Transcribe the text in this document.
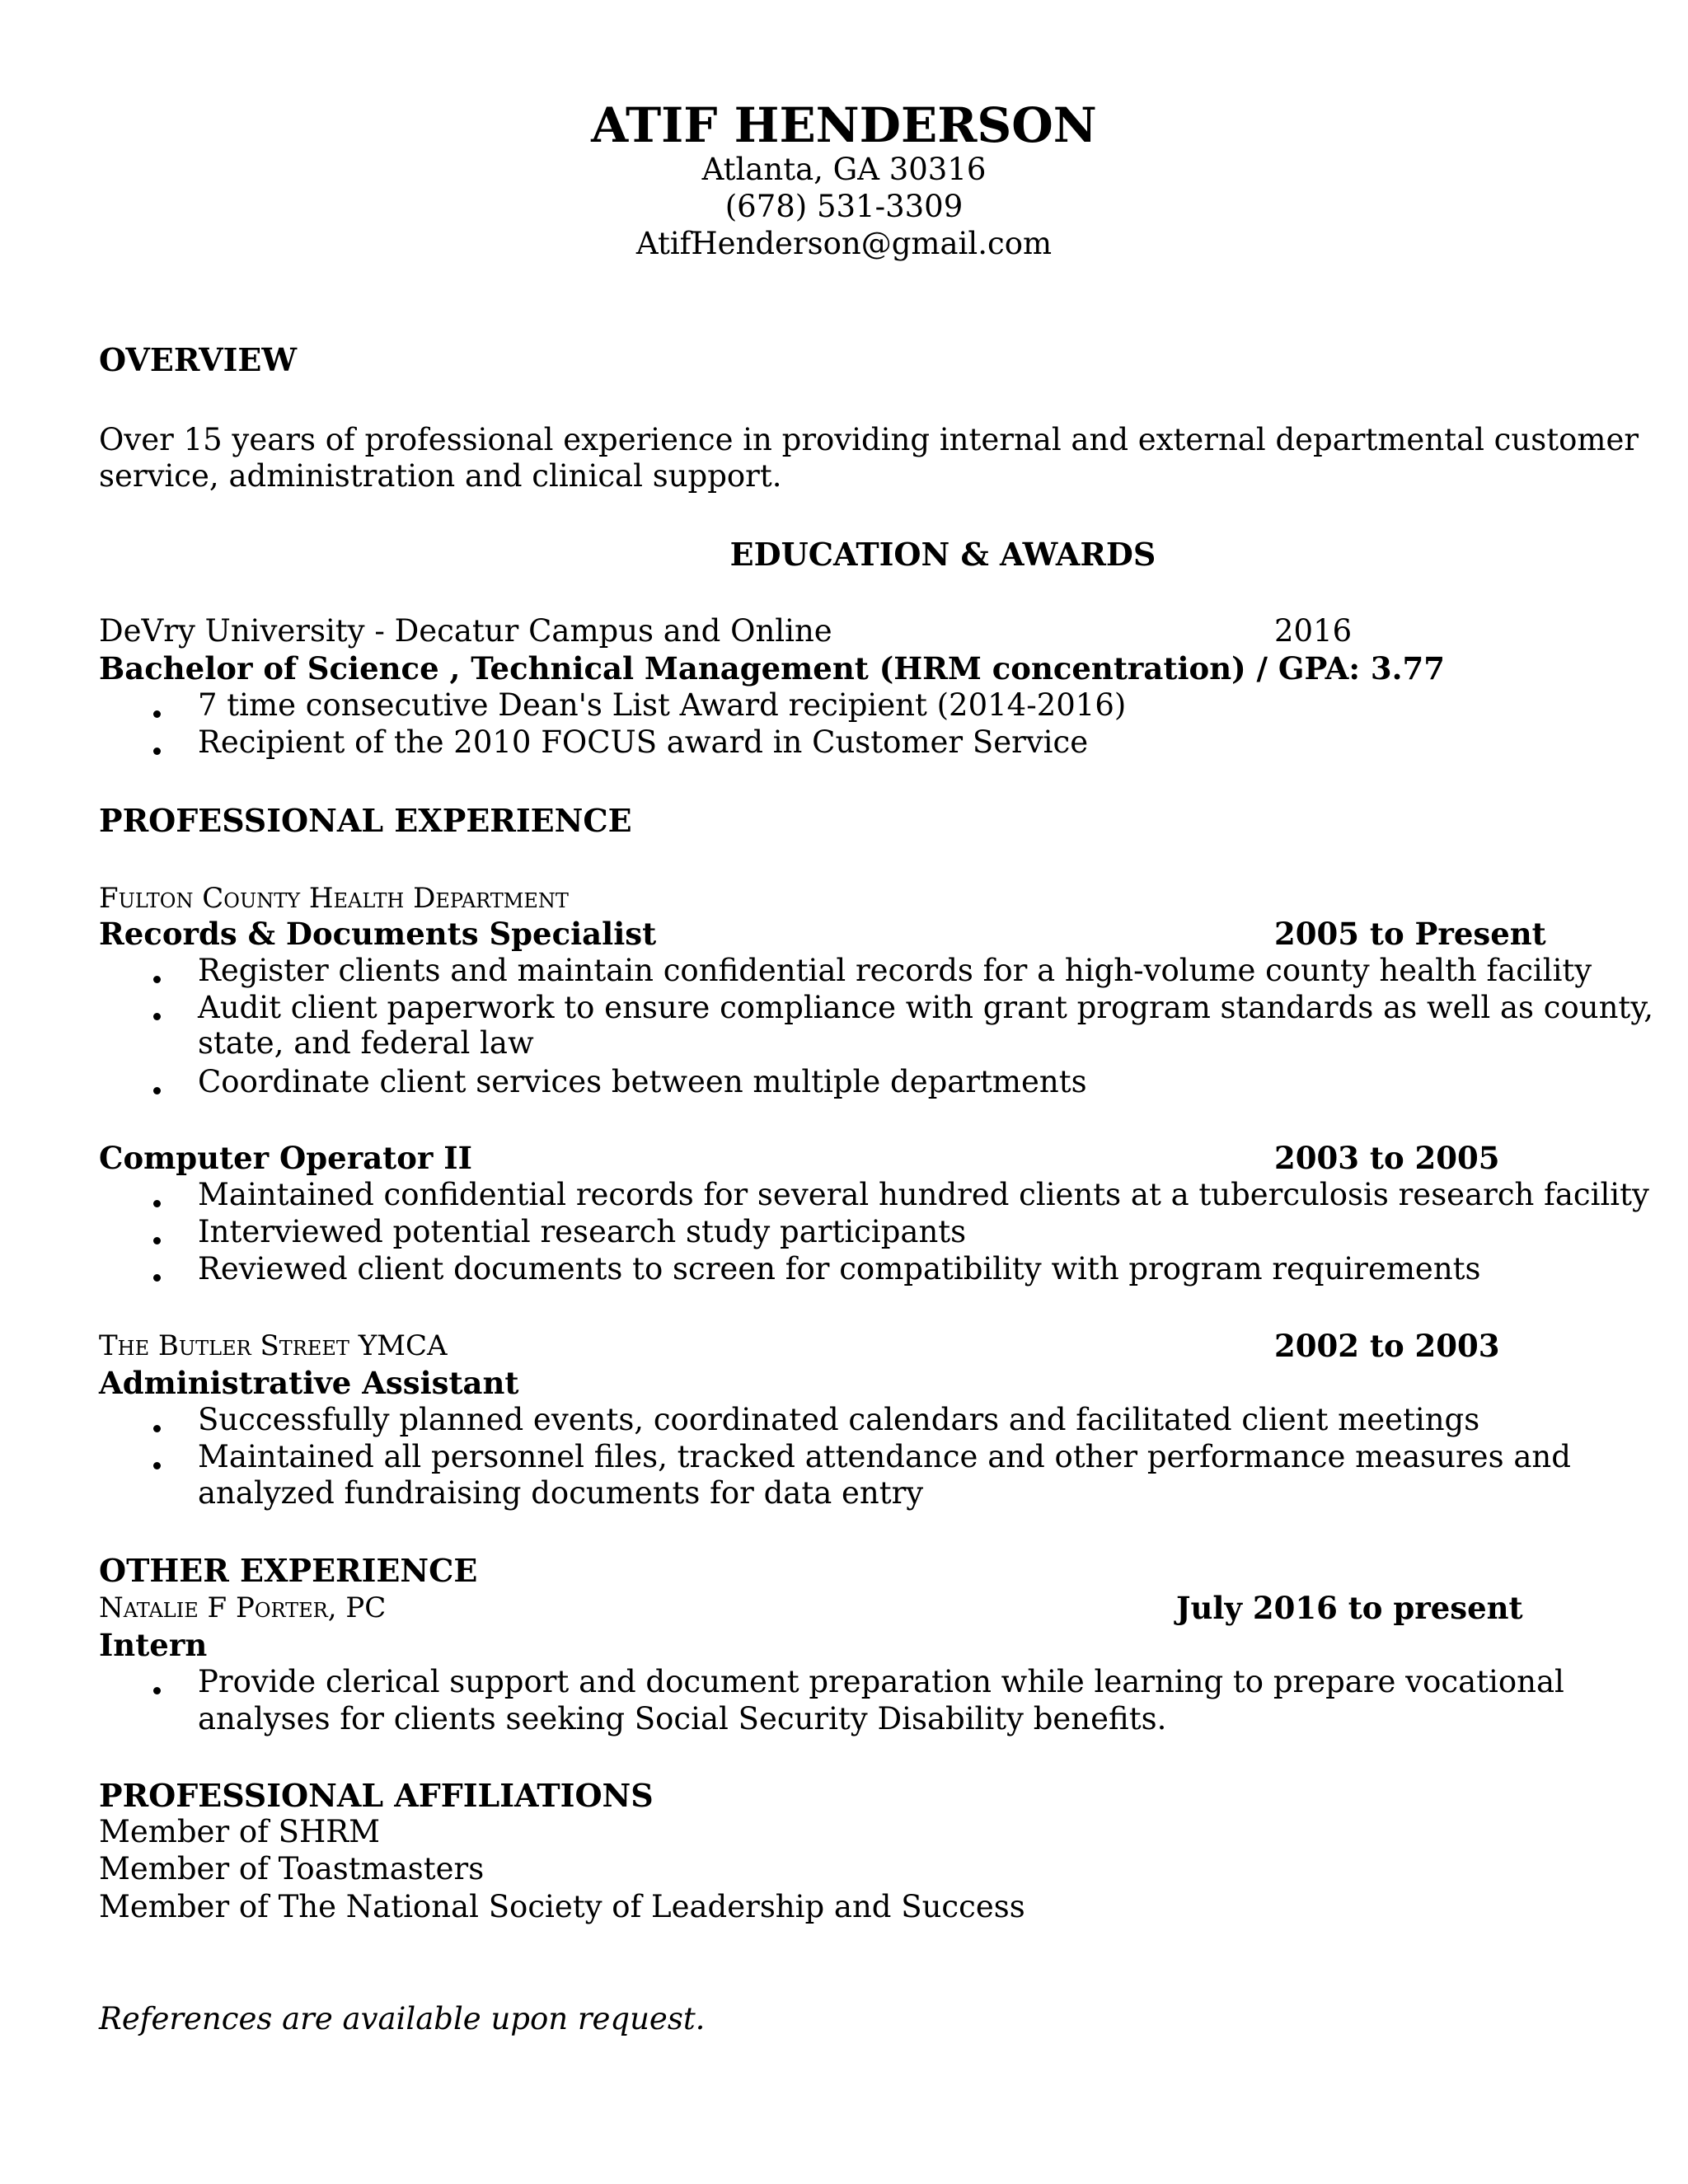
ATIF HENDERSON
Atlanta, GA 30316
(678) 531-3309
AtifHenderson@gmail.com
OVERVIEW
Over 15 years of professional experience in providing internal and external departmental customer
service, administration and clinical support.
EDUCATION & AWARDS
DeVry University - Decatur Campus and Online	2016
Bachelor of Science , Technical Management (HRM concentration) / GPA: 3.77
7 time consecutive Dean's List Award recipient (2014-2016)
Recipient of the 2010 FOCUS award in Customer Service
PROFESSIONAL EXPERIENCE
Fulton County Health Department
Records & Documents Specialist	2005 to Present
Register clients and maintain confidential records for a high-volume county health facility
Audit client paperwork to ensure compliance with grant program standards as well as county,
state, and federal law
Coordinate client services between multiple departments
Computer Operator II	2003 to 2005
Maintained confidential records for several hundred clients at a tuberculosis research facility
Interviewed potential research study participants
Reviewed client documents to screen for compatibility with program requirements
The Butler Street YMCA	2002 to 2003
Administrative Assistant
Successfully planned events, coordinated calendars and facilitated client meetings
Maintained all personnel files, tracked attendance and other performance measures and
analyzed fundraising documents for data entry
OTHER EXPERIENCE
Natalie F Porter, PC	July 2016 to present
Intern
Provide clerical support and document preparation while learning to prepare vocational
analyses for clients seeking Social Security Disability benefits.
PROFESSIONAL AFFILIATIONS
Member of SHRM
Member of Toastmasters
Member of The National Society of Leadership and Success
References are available upon request.
